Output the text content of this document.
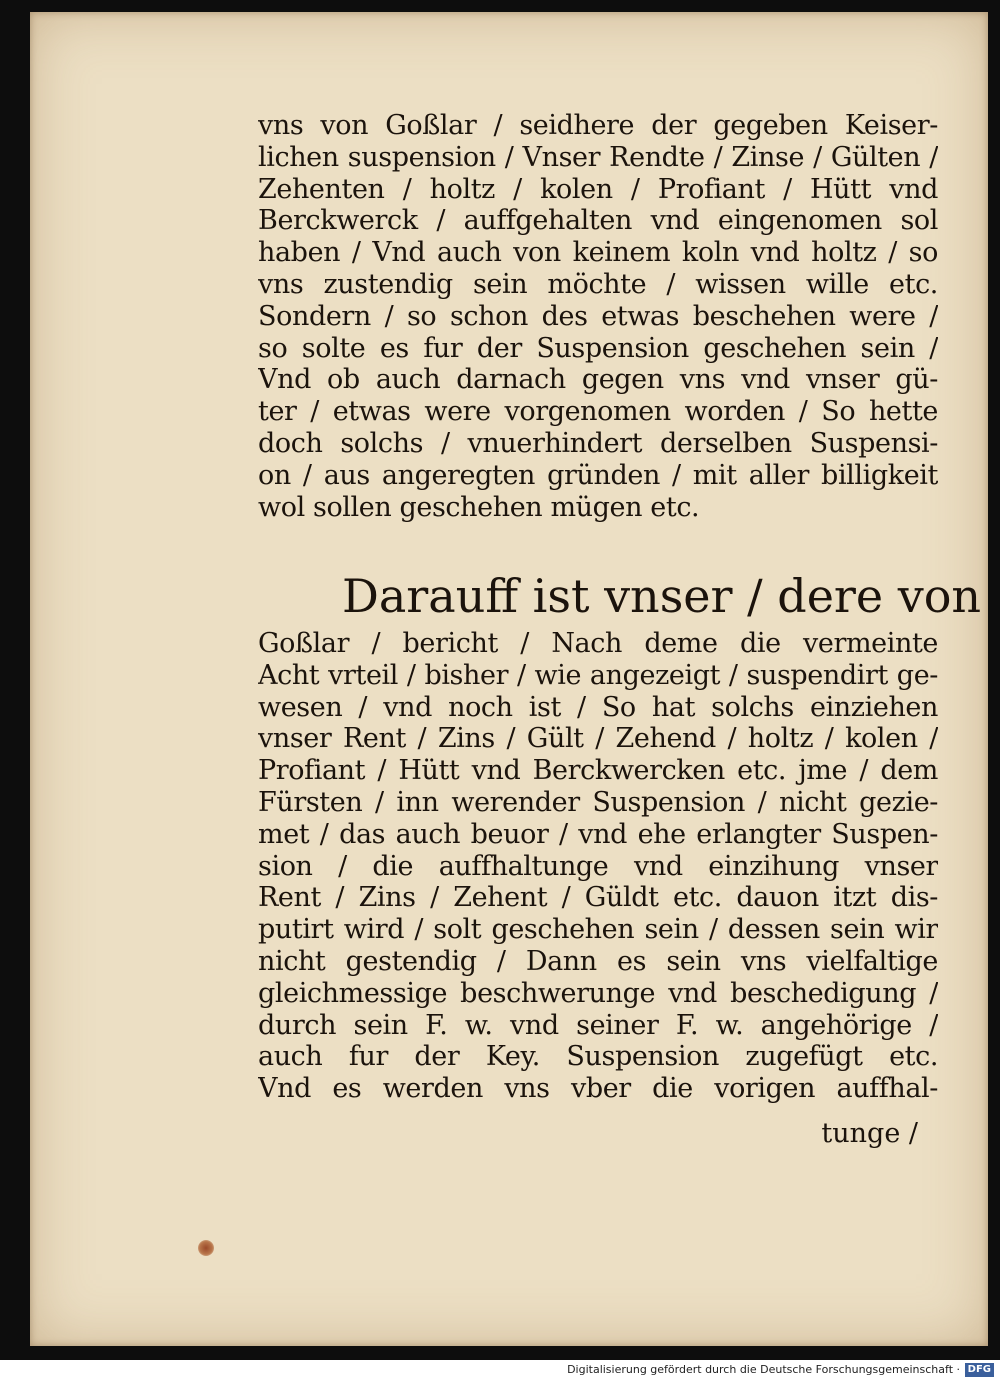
vns von Goßlar / seidhere der gegeben Keiser-
lichen suspension / Vnser Rendte / Zinse / Gülten /
Zehenten / holtz / kolen / Profiant / Hütt vnd
Berckwerck / auffgehalten vnd eingenomen sol
haben / Vnd auch von keinem koln vnd holtz / so
vns zustendig sein möchte / wissen wille etc.
Sondern / so schon des etwas beschehen were /
so solte es fur der Suspension geschehen sein /
Vnd ob auch darnach gegen vns vnd vnser gü-
ter / etwas were vorgenomen worden / So hette
doch solchs / vnuerhindert derselben Suspensi-
on / aus angeregten gründen / mit aller billigkeit
wol sollen geschehen mügen etc.
Darauff ist vnser / dere von
Goßlar / bericht / Nach deme die vermeinte
Acht vrteil / bisher / wie angezeigt / suspendirt ge-
wesen / vnd noch ist / So hat solchs einziehen
vnser Rent / Zins / Gült / Zehend / holtz / kolen /
Profiant / Hütt vnd Berckwercken etc. jme / dem
Fürsten / inn werender Suspension / nicht gezie-
met / das auch beuor / vnd ehe erlangter Suspen-
sion / die auffhaltunge vnd einzihung vnser
Rent / Zins / Zehent / Güldt etc. dauon itzt dis-
putirt wird / solt geschehen sein / dessen sein wir
nicht gestendig / Dann es sein vns vielfaltige
gleichmessige beschwerunge vnd beschedigung /
durch sein F. w. vnd seiner F. w. angehörige /
auch fur der Key. Suspension zugefügt etc.
Vnd es werden vns vber die vorigen auffhal-
tunge /
Digitalisierung gefördert durch die Deutsche Forschungsgemeinschaft · DFG
